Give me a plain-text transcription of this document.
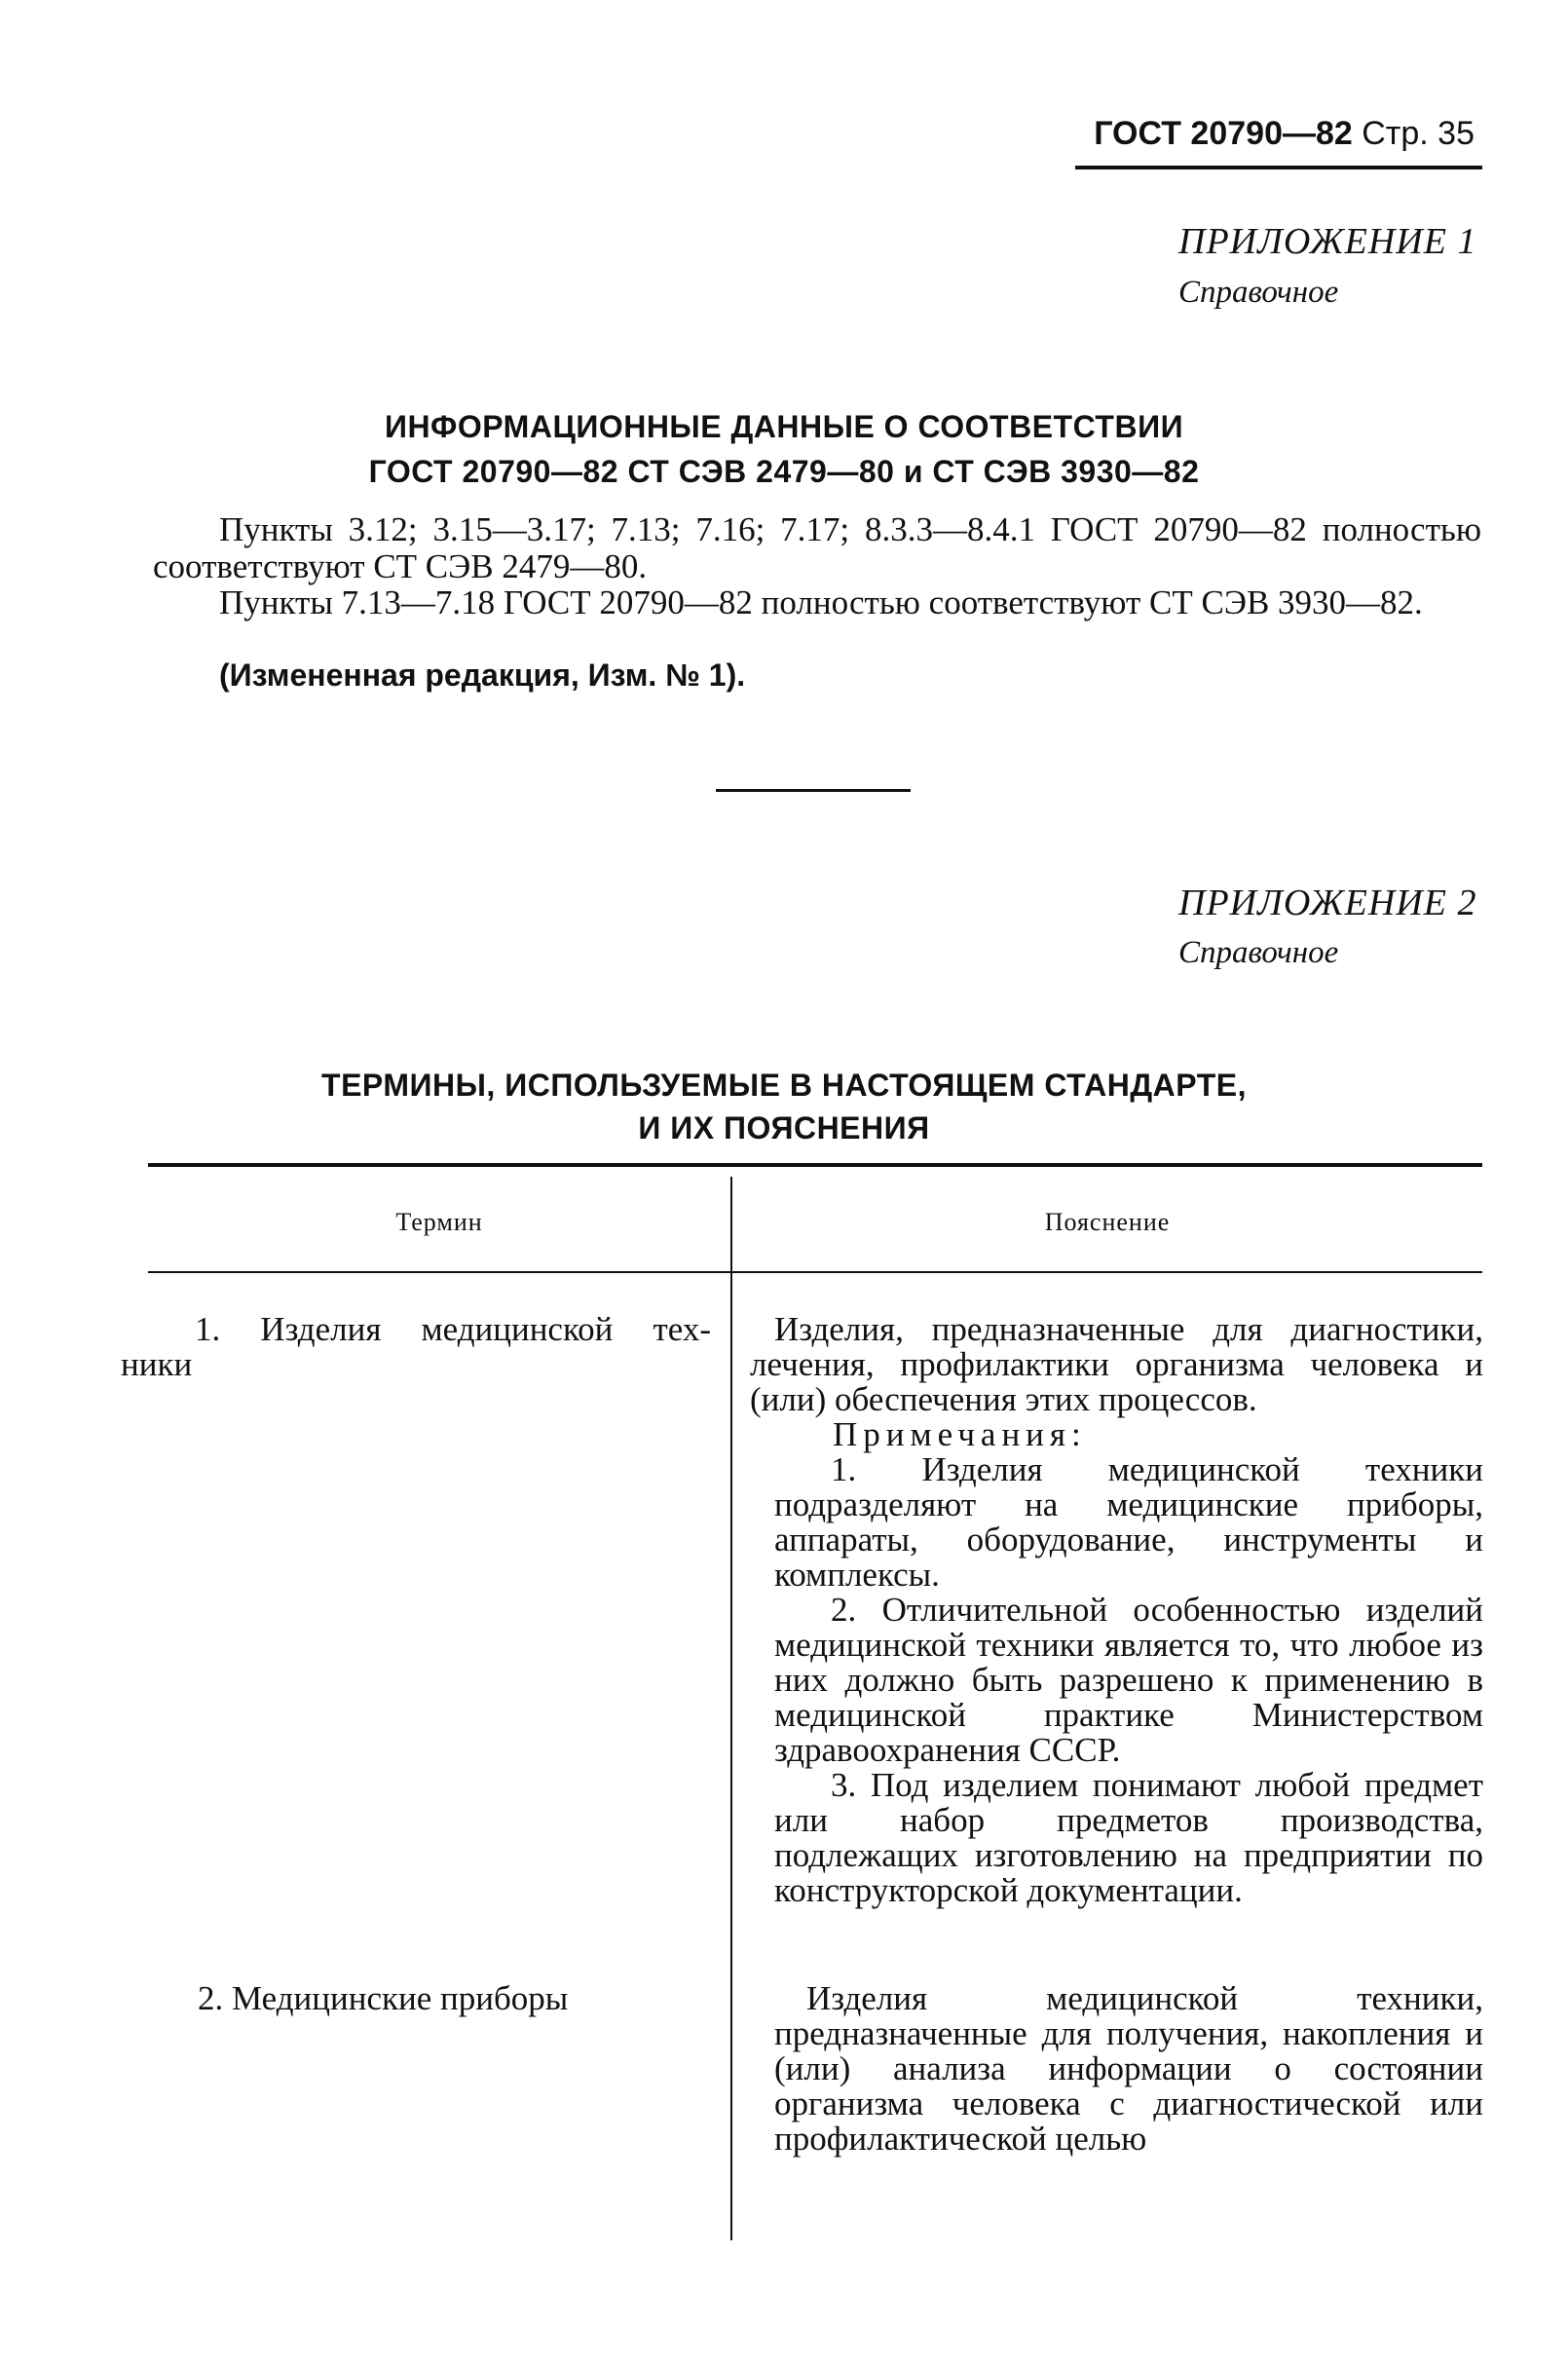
ГОСТ 20790—82 Стр. 35
ПРИЛОЖЕНИЕ 1
Справочное
ИНФОРМАЦИОННЫЕ ДАННЫЕ О СООТВЕТСТВИИ
ГОСТ 20790—82 СТ СЭВ 2479—80 и СТ СЭВ 3930—82
Пункты 3.12; 3.15—3.17; 7.13; 7.16; 7.17; 8.3.3—8.4.1 ГОСТ 20790—82 полностью соответствуют СТ СЭВ 2479—80.
Пункты 7.13—7.18 ГОСТ 20790—82 полностью соответствуют СТ СЭВ 3930—82.
(Измененная редакция, Изм. № 1).
ПРИЛОЖЕНИЕ 2
Справочное
ТЕРМИНЫ, ИСПОЛЬЗУЕМЫЕ В НАСТОЯЩЕМ СТАНДАРТЕ,
И ИХ ПОЯСНЕНИЯ
Термин	Пояснение
1. Изделия медицинской тех-
ники
Изделия, предназначенные для диагностики, лечения, профилактики организма человека и (или) обеспечения этих процессов.
Примечания:
1. Изделия медицинской техники подразделяют на медицинские приборы, аппараты, оборудование, инструменты и комплексы.
2. Отличительной особенностью изделий медицинской техники является то, что любое из них должно быть разрешено к применению в медицинской практике Министерством здравоохранения СССР.
3. Под изделием понимают любой предмет или набор предметов производства, подлежащих изготовлению на предприятии по конструкторской документации.
2. Медицинские приборы	Изделия медицинской техники, предназначенные для получения, накопления и (или) анализа информации о состоянии организма человека с диагностической или профилактической целью
